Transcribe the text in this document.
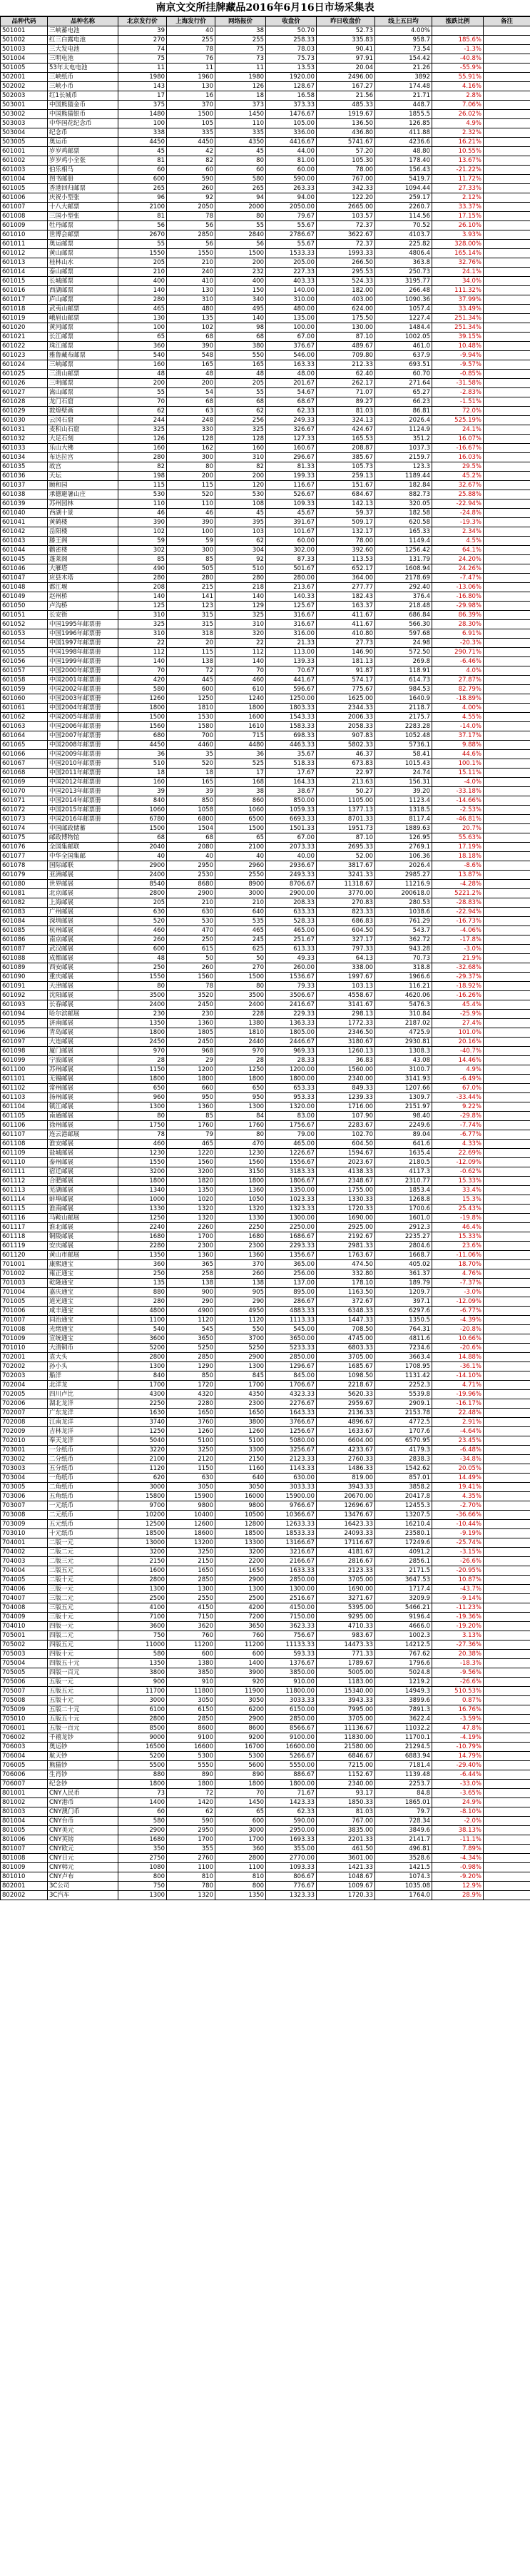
南京文交所挂牌藏品2016年6月16日市场采集表
品种代码	品种名称	北京发行价	上海发行价	网络报价	收盘价	昨日收盘价	线上五日均	涨跌比例	备注
501001	三峡蓄电池	39	40	38	50.70	52.73	4.00%		
501002	红三白露电池	270	255	255	258.33	335.83	958.7	185.6%	
501003	三大发电池	74	78	75	78.03	90.41	73.54	-1.3%	
501004	三明电池	75	76	73	75.73	97.91	154.42	-40.8%	
501005	53年太电电池	11	11	11	13.53	20.04	21.26	-55.9%	
502001	三峡纸币	1980	1960	1980	1920.00	2496.00	3892	55.91%	
502002	三峡小币	143	130	126	128.67	167.27	174.48	4.16%	
502003	红1长城币	17	16	18	16.58	21.56	21.71	2.8%	
503001	中国熊猫金币	375	370	373	373.33	485.33	448.7	7.06%	
503002	中国熊猫银币	1480	1500	1450	1476.67	1919.67	1855.5	26.02%	
503003	中华国花纪念币	100	105	110	105.00	136.50	126.85	4.9%	
503004	纪念币	338	335	335	336.00	436.80	411.88	2.32%	
503005	奥运币	4450	4450	4350	4416.67	5741.67	4236.6	16.21%	
601001	岁岁鸡邮票	45	42	45	44.00	57.20	48.80	10.55%	
601002	岁岁鸡小全张	81	82	80	81.00	105.30	178.40	13.67%	
601003	伯乐相马	60	60	60	60.00	78.00	156.43	-21.22%	
601004	图书邮册	600	590	580	590.00	767.00	5419.7	11.72%	
601005	香港回归邮票	265	260	265	263.33	342.33	1094.44	27.33%	
601006	庆祝小型张	96	92	94	94.00	122.20	259.17	2.12%	
601007	十八大邮票	2100	2050	2000	2050.00	2665.00	2260.7	33.37%	
601008	三国小型张	81	78	80	79.67	103.57	114.56	17.15%	
601009	牡丹邮票	56	56	55	55.67	72.37	70.52	26.10%	
601010	世博会邮票	2670	2850	2840	2786.67	3622.67	4103.7	3.93%	
601011	奥运邮票	55	56	56	55.67	72.37	225.82	328.00%	
601012	黄山邮票	1550	1550	1500	1533.33	1993.33	4806.4	165.14%	
601013	桂林山水	205	210	200	205.00	266.50	363.8	32.76%	
601014	泰山邮票	210	240	232	227.33	295.53	250.73	24.1%	
601015	长城邮票	400	410	400	403.33	524.33	3195.77	34.0%	
601016	西湖邮票	140	130	150	140.00	182.00	266.48	111.32%	
601017	庐山邮票	280	310	340	310.00	403.00	1090.36	37.99%	
601018	武夷山邮票	465	480	495	480.00	624.00	1057.4	33.49%	
601019	峨眉山邮票	130	135	140	135.00	175.50	1227.4	251.34%	
601020	黄河邮票	100	102	98	100.00	130.00	1484.4	251.34%	
601021	长江邮票	65	68	68	67.00	87.10	1002.05	39.15%	
601022	珠江邮票	360	390	380	376.67	489.67	461.0	10.48%	
601023	雅鲁藏布邮票	540	548	550	546.00	709.80	637.9	-9.94%	
601024	三峡邮票	160	165	165	163.33	212.33	693.51	-9.57%	
601025	三清山邮票	48	48	48	48.00	62.40	60.70	-0.85%	
601026	三明邮票	200	200	205	201.67	262.17	271.64	-31.58%	
601027	嵩山邮票	55	54	55	54.67	71.07	65.27	-2.83%	
601028	龙门石窟	70	68	68	68.67	89.27	66.23	-1.51%	
601029	敦煌壁画	62	63	62	62.33	81.03	86.81	72.0%	
601030	云冈石窟	244	248	256	249.33	324.13	2026.4	525.19%	
601031	麦积山石窟	325	330	325	326.67	424.67	1124.9	24.1%	
601032	大足石刻	126	128	128	127.33	165.53	351.2	16.07%	
601033	乐山大佛	160	162	160	160.67	208.87	1037.3	-16.67%	
601034	布达拉宫	280	300	310	296.67	385.67	2159.7	16.03%	
601035	故宫	82	80	82	81.33	105.73	123.3	29.5%	
601036	天坛	198	200	200	199.33	259.13	1189.44	45.2%	
601037	颐和园	115	115	120	116.67	151.67	182.84	32.67%	
601038	承德避暑山庄	530	520	530	526.67	684.67	882.73	25.88%	
601039	苏州园林	110	110	108	109.33	142.13	320.05	-22.94%	
601040	西湖十景	46	46	45	45.67	59.37	182.58	-24.8%	
601041	黄鹤楼	390	390	395	391.67	509.17	620.58	-19.3%	
601042	岳阳楼	102	100	103	101.67	132.17	165.33	2.34%	
601043	滕王阁	59	59	62	60.00	78.00	1149.4	4.5%	
601044	鹳雀楼	302	300	304	302.00	392.60	1256.42	64.1%	
601045	蓬莱阁	85	85	92	87.33	113.53	131.79	24.20%	
601046	大雁塔	490	505	510	501.67	652.17	1608.94	24.26%	
601047	应县木塔	280	280	280	280.00	364.00	2178.69	-7.47%	
601048	都江堰	208	215	218	213.67	277.77	292.40	-13.06%	
601049	赵州桥	140	141	140	140.33	182.43	376.4	-16.80%	
601050	卢沟桥	125	123	129	125.67	163.37	218.48	-29.98%	
601051	长安街	310	315	325	316.67	411.67	686.84	86.39%	
601052	中国1995年邮票册	325	315	310	316.67	411.67	566.30	28.30%	
601053	中国1996年邮票册	310	318	320	316.00	410.80	597.68	6.91%	
601054	中国1997年邮票册	22	20	22	21.33	27.73	24.98	-20.3%	
601055	中国1998年邮票册	112	115	112	113.00	146.90	572.50	290.71%	
601056	中国1999年邮票册	140	138	140	139.33	181.13	269.8	-6.46%	
601057	中国2000年邮票册	70	72	70	70.67	91.87	118.91	4.0%	
601058	中国2001年邮票册	420	445	460	441.67	574.17	614.73	27.87%	
601059	中国2002年邮票册	580	600	610	596.67	775.67	984.53	82.79%	
601060	中国2003年邮票册	1260	1250	1240	1250.00	1625.00	1640.9	-18.89%	
601061	中国2004年邮票册	1800	1810	1800	1803.33	2344.33	2118.7	4.00%	
601062	中国2005年邮票册	1500	1530	1600	1543.33	2006.33	2175.7	4.55%	
601063	中国2006年邮票册	1560	1580	1610	1583.33	2058.33	2283.28	-14.0%	
601064	中国2007年邮票册	680	700	715	698.33	907.83	1052.48	37.17%	
601065	中国2008年邮票册	4450	4460	4480	4463.33	5802.33	5736.1	9.88%	
601066	中国2009年邮票册	36	35	36	35.67	46.37	58.41	44.6%	
601067	中国2010年邮票册	510	520	525	518.33	673.83	1015.43	100.1%	
601068	中国2011年邮票册	18	18	17	17.67	22.97	24.74	15.11%	
601069	中国2012年邮票册	160	165	168	164.33	213.63	156.31	-4.0%	
601070	中国2013年邮票册	39	39	38	38.67	50.27	39.20	-33.18%	
601071	中国2014年邮票册	840	850	860	850.00	1105.00	1123.4	-14.66%	
601072	中国2015年邮票册	1060	1058	1060	1059.33	1377.13	1318.5	-2.53%	
601073	中国2016年邮票册	6780	6800	6500	6693.33	8701.33	8117.4	-46.81%	
601074	中国邮政储蓄	1500	1504	1500	1501.33	1951.73	1889.63	20.7%	
601075	邮政博物馆	68	68	65	67.00	87.10	126.95	55.63%	
601076	全国集邮联	2040	2080	2100	2073.33	2695.33	2769.1	17.19%	
601077	中华全国集邮	40	40	40	40.00	52.00	106.36	18.18%	
601078	国际邮联	2900	2950	2960	2936.67	3817.67	2026.4	-8.6%	
601079	亚洲邮展	2400	2530	2550	2493.33	3241.33	2985.27	13.87%	
601080	世界邮展	8540	8680	8900	8706.67	11318.67	11216.9	-4.28%	
601081	北京邮展	2800	2900	3000	2900.00	3770.00	200618.0	5221.2%	
601082	上海邮展	205	210	210	208.33	270.83	280.53	-28.83%	
601083	广州邮展	630	630	640	633.33	823.33	1038.6	-22.94%	
601084	深圳邮展	520	530	535	528.33	686.83	761.29	-16.73%	
601085	杭州邮展	460	470	465	465.00	604.50	543.7	-4.06%	
601086	南京邮展	260	250	245	251.67	327.17	362.72	-17.8%	
601087	武汉邮展	600	615	625	613.33	797.33	943.28	-3.0%	
601088	成都邮展	48	50	50	49.33	64.13	70.73	21.9%	
601089	西安邮展	250	260	270	260.00	338.00	318.8	-32.68%	
601090	重庆邮展	1550	1560	1500	1536.67	1997.67	1966.6	-29.37%	
601091	天津邮展	80	78	80	79.33	103.13	116.21	-18.92%	
601092	沈阳邮展	3500	3520	3500	3506.67	4558.67	4620.06	-16.26%	
601093	长春邮展	2400	2450	2400	2416.67	3141.67	5476.3	45.4%	
601094	哈尔滨邮展	230	230	228	229.33	298.13	310.84	-25.9%	
601095	济南邮展	1350	1360	1380	1363.33	1772.33	2187.02	27.4%	
601096	青岛邮展	1800	1805	1810	1805.00	2346.50	4725.9	101.0%	
601097	大连邮展	2450	2450	2440	2446.67	3180.67	2930.81	20.16%	
601098	厦门邮展	970	968	970	969.33	1260.13	1308.3	-40.7%	
601099	宁波邮展	28	29	28	28.33	36.83	43.08	14.46%	
601100	苏州邮展	1150	1200	1250	1200.00	1560.00	3100.7	4.9%	
601101	无锡邮展	1800	1800	1800	1800.00	2340.00	3141.93	-6.49%	
601102	常州邮展	650	660	650	653.33	849.33	1207.66	67.0%	
601103	扬州邮展	960	950	950	953.33	1239.33	1309.7	-33.44%	
601104	镇江邮展	1300	1360	1300	1320.00	1716.00	2151.97	9.22%	
601105	南通邮展	80	85	84	83.00	107.90	98.40	-29.8%	
601106	徐州邮展	1750	1760	1760	1756.67	2283.67	2249.6	-7.74%	
601107	连云港邮展	78	79	80	79.00	102.70	89.04	-6.77%	
601108	淮安邮展	460	465	470	465.00	604.50	641.6	4.33%	
601109	盐城邮展	1230	1220	1230	1226.67	1594.67	1635.4	22.69%	
601110	泰州邮展	1550	1560	1560	1556.67	2023.67	2180.5	-12.09%	
601111	宿迁邮展	3200	3200	3150	3183.33	4138.33	4117.3	-0.62%	
601112	合肥邮展	1800	1820	1800	1806.67	2348.67	2310.77	15.33%	
601113	芜湖邮展	1340	1350	1360	1350.00	1755.00	1853.4	33.4%	
601114	蚌埠邮展	1000	1020	1050	1023.33	1330.33	1268.8	15.3%	
601115	淮南邮展	1330	1320	1320	1323.33	1720.33	1700.6	25.43%	
601116	马鞍山邮展	1250	1320	1330	1300.00	1690.00	1601.0	-19.8%	
601117	淮北邮展	2240	2260	2250	2250.00	2925.00	2912.3	46.4%	
601118	铜陵邮展	1680	1700	1680	1686.67	2192.67	2235.27	15.33%	
601119	安庆邮展	2280	2300	2300	2293.33	2981.33	2804.6	23.6%	
601120	黄山市邮展	1350	1360	1360	1356.67	1763.67	1668.7	-11.06%	
701001	康熙通宝	360	365	370	365.00	474.50	405.02	18.70%	
701002	雍正通宝	250	258	260	256.00	332.80	361.37	4.76%	
701003	乾隆通宝	135	138	138	137.00	178.10	189.79	-7.37%	
701004	嘉庆通宝	880	900	905	895.00	1163.50	1209.7	-3.0%	
701005	道光通宝	280	290	290	286.67	372.67	397.1	-12.09%	
701006	咸丰通宝	4800	4900	4950	4883.33	6348.33	6297.6	-6.77%	
701007	同治通宝	1100	1120	1120	1113.33	1447.33	1350.5	-4.39%	
701008	光绪通宝	540	545	550	545.00	708.50	764.31	-20.8%	
701009	宣统通宝	3600	3650	3700	3650.00	4745.00	4811.6	10.66%	
701010	大清铜币	5200	5250	5250	5233.33	6803.33	7234.6	-20.6%	
702001	袁大头	2800	2850	2900	2850.00	3705.00	3663.4	14.88%	
702002	孙小头	1300	1290	1300	1296.67	1685.67	1708.95	-36.1%	
702003	船洋	840	850	845	845.00	1098.50	1131.42	-14.10%	
702004	北洋龙	1700	1720	1700	1706.67	2218.67	2252.3	4.71%	
702005	四川卢比	4300	4320	4350	4323.33	5620.33	5539.8	-19.96%	
702006	湖北龙洋	2250	2280	2300	2276.67	2959.67	2909.1	-16.17%	
702007	广东龙洋	1630	1650	1650	1643.33	2136.33	2153.78	22.48%	
702008	江南龙洋	3740	3760	3800	3766.67	4896.67	4772.5	2.91%	
702009	吉林龙洋	1250	1260	1260	1256.67	1633.67	1707.6	-4.64%	
702010	奉天龙洋	5040	5100	5100	5080.00	6604.00	6570.95	23.45%	
703001	一分纸币	3220	3250	3300	3256.67	4233.67	4179.3	-6.48%	
703002	二分纸币	2100	2120	2150	2123.33	2760.33	2838.3	-34.8%	
703003	五分纸币	1120	1150	1160	1143.33	1486.33	1542.62	20.05%	
703004	一角纸币	620	630	640	630.00	819.00	857.01	14.49%	
703005	二角纸币	3000	3050	3050	3033.33	3943.33	3858.2	19.41%	
703006	五角纸币	15800	15900	16000	15900.00	20670.00	20417.8	4.35%	
703007	一元纸币	9700	9800	9800	9766.67	12696.67	12455.3	-2.70%	
703008	二元纸币	10200	10400	10500	10366.67	13476.67	13207.5	-36.66%	
703009	五元纸币	12500	12600	12800	12633.33	16423.33	16210.4	-10.44%	
703010	十元纸币	18500	18600	18500	18533.33	24093.33	23580.1	-9.19%	
704001	二版一元	13000	13200	13300	13166.67	17116.67	17249.6	-25.74%	
704002	二版二元	3200	3250	3200	3216.67	4181.67	4091.2	-3.15%	
704003	二版三元	2150	2150	2200	2166.67	2816.67	2856.1	-26.6%	
704004	二版五元	1600	1650	1650	1633.33	2123.33	2171.5	-20.95%	
704005	二版十元	2800	2850	2900	2850.00	3705.00	3647.53	10.87%	
704006	三版一元	1300	1300	1300	1300.00	1690.00	1717.4	-43.7%	
704007	三版二元	2500	2550	2500	2516.67	3271.67	3209.9	-9.14%	
704008	三版五元	4100	4150	4200	4150.00	5395.00	5466.21	-11.23%	
704009	三版十元	7100	7150	7200	7150.00	9295.00	9196.4	-19.36%	
704010	四版一元	3600	3620	3650	3623.33	4710.33	4666.0	-19.20%	
705001	四版二元	750	760	760	756.67	983.67	1002.3	3.13%	
705002	四版五元	11000	11200	11200	11133.33	14473.33	14212.5	-27.36%	
705003	四版十元	580	600	600	593.33	771.33	767.62	20.38%	
705004	四版五十元	1350	1380	1400	1376.67	1789.67	1796.6	-18.3%	
705005	四版一百元	3800	3850	3900	3850.00	5005.00	5024.8	-9.56%	
705006	五版一元	900	910	920	910.00	1183.00	1219.2	-26.6%	
705007	五版五元	11700	11800	11900	11800.00	15340.00	14949.3	510.53%	
705008	五版十元	3000	3050	3050	3033.33	3943.33	3899.6	0.87%	
705009	五版二十元	6100	6150	6200	6150.00	7995.00	7891.3	16.76%	
705010	五版五十元	2800	2850	2900	2850.00	3705.00	3622.4	-3.59%	
706001	五版一百元	8500	8600	8600	8566.67	11136.67	11032.2	47.8%	
706002	千禧龙钞	9000	9100	9200	9100.00	11830.00	11700.1	-4.19%	
706003	奥运钞	16500	16600	16700	16600.00	21580.00	21294.5	-10.79%	
706004	航天钞	5200	5300	5300	5266.67	6846.67	6883.94	14.79%	
706005	熊猫钞	5500	5550	5600	5550.00	7215.00	7181.4	-29.40%	
706006	生肖钞	880	890	890	886.67	1152.67	1139.48	-6.44%	
706007	纪念钞	1800	1800	1800	1800.00	2340.00	2253.7	-33.0%	
801001	CNY人民币	73	72	70	71.67	93.17	84.8	-3.65%	
801002	CNY港币	1400	1420	1450	1423.33	1850.33	1865.01	24.9%	
801003	CNY澳门币	60	62	65	62.33	81.03	79.7	-8.10%	
801004	CNY台币	580	590	600	590.00	767.00	728.34	-2.0%	
801005	CNY美元	2900	2950	3000	2950.00	3835.00	3849.6	38.13%	
801006	CNY英镑	1680	1700	1700	1693.33	2201.33	2141.7	-11.1%	
801007	CNY欧元	350	355	360	355.00	461.50	496.81	7.89%	
801008	CNY日元	2750	2760	2800	2770.00	3601.00	3528.6	-4.34%	
801009	CNY韩元	1080	1100	1100	1093.33	1421.33	1421.5	-0.98%	
801010	CNY卢布	800	810	810	806.67	1048.67	1074.3	-9.20%	
802001	3C公司	750	780	800	776.67	1009.67	1035.08	12.9%	
802002	3C汽车	1300	1320	1350	1323.33	1720.33	1764.0	28.9%	
